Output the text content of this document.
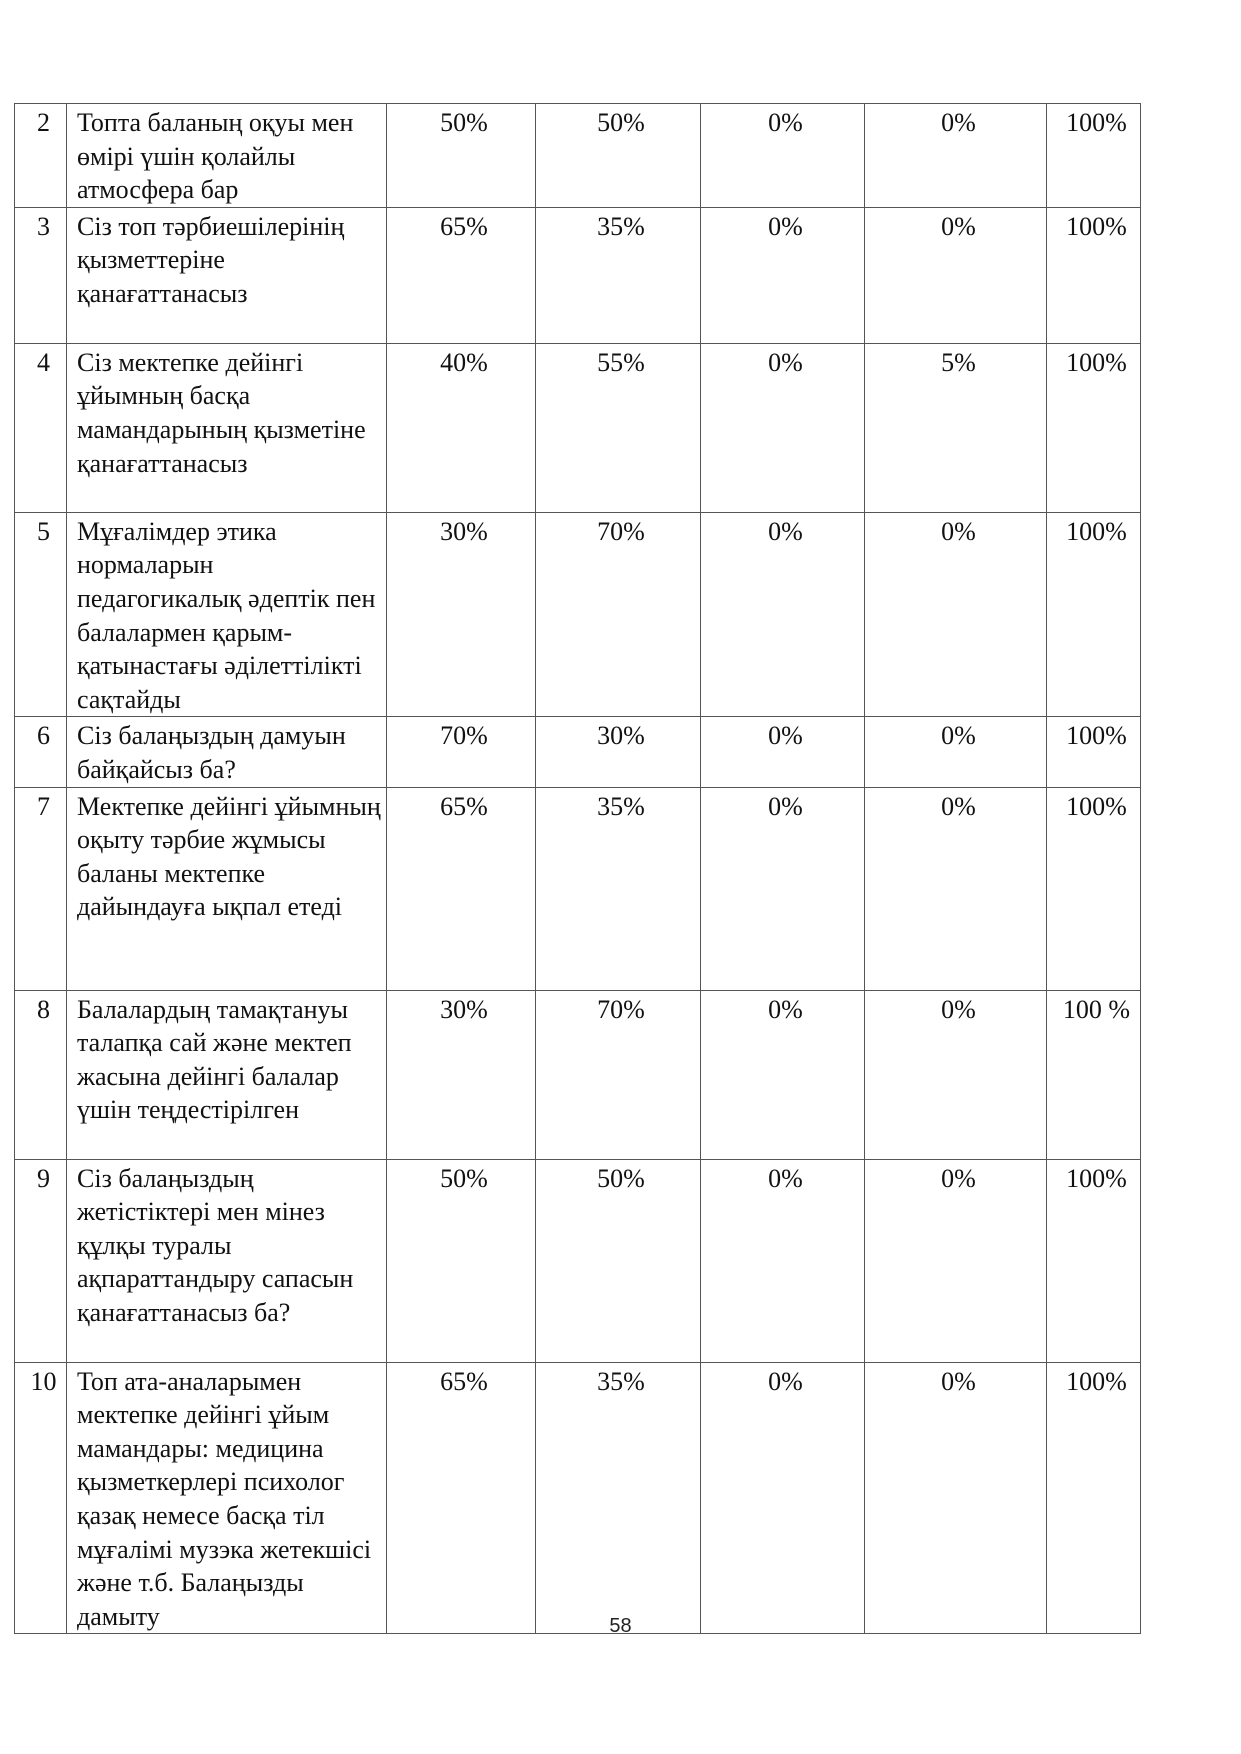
2	Топта баланың оқуы мен өмірі үшін қолайлы атмосфера бар	50%	50%	0%	0%	100%
3	Сіз топ тәрбиешілерінің қызметтеріне қанағаттанасыз	65%	35%	0%	0%	100%
4	Сіз мектепке дейінгі ұйымның басқа мамандарының қызметіне қанағаттанасыз	40%	55%	0%	5%	100%
5	Мұғалімдер этика нормаларын педагогикалық әдептік пен балалармен қарым-қатынастағы әділеттілікті сақтайды	30%	70%	0%	0%	100%
6	Сіз балаңыздың дамуын байқайсыз ба?	70%	30%	0%	0%	100%
7	Мектепке дейінгі ұйымның оқыту тәрбие жұмысы баланы мектепке дайындауға ықпал етеді	65%	35%	0%	0%	100%
8	Балалардың тамақтануы талапқа сай және мектеп жасына дейінгі балалар үшін теңдестірілген	30%	70%	0%	0%	100 %
9	Сіз балаңыздың жетістіктері мен мінез құлқы туралы ақпараттандыру сапасын қанағаттанасыз ба?	50%	50%	0%	0%	100%
10	Топ ата-аналарымен мектепке дейінгі ұйым мамандары: медицина қызметкерлері психолог қазақ немесе басқа тіл мұғалімі музэка жетекшісі және т.б. Балаңызды дамыту	65%	35%	0%	0%	100%
58
